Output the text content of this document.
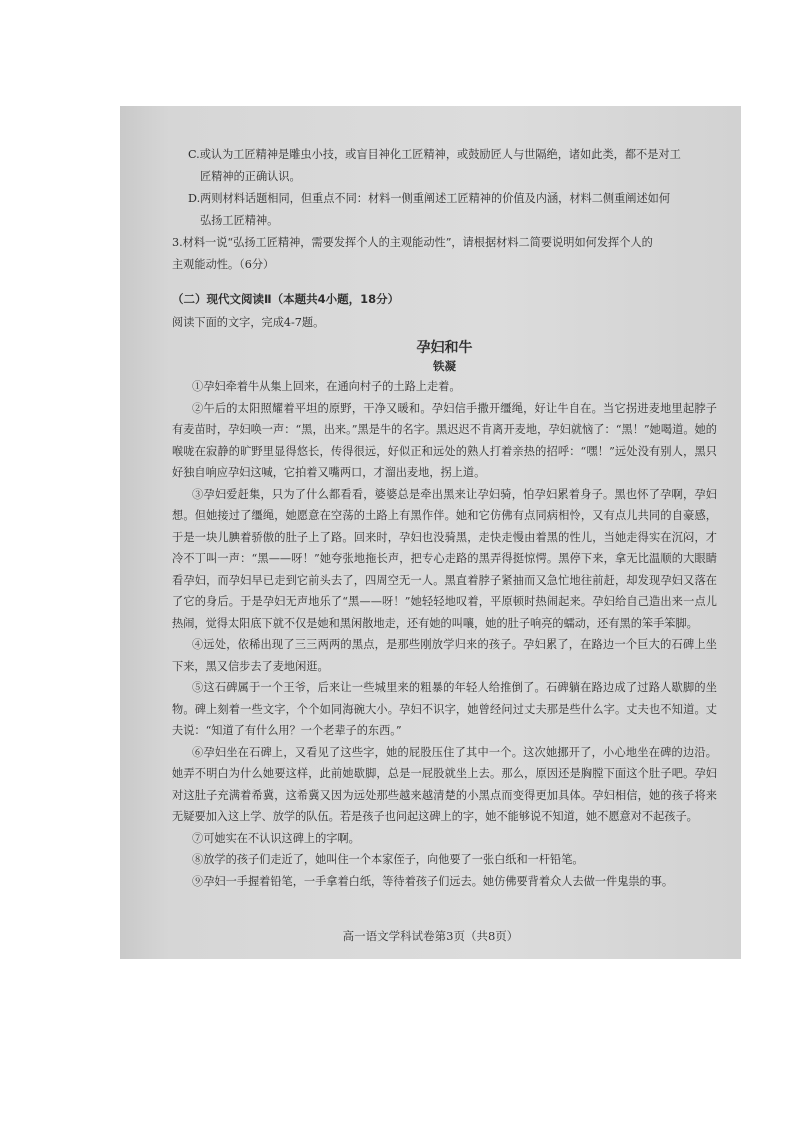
C.或认为工匠精神是雕虫小技，或盲目神化工匠精神，或鼓励匠人与世隔绝，诸如此类，都不是对工

匠精神的正确认识。

D.两则材料话题相同，但重点不同：材料一侧重阐述工匠精神的价值及内涵，材料二侧重阐述如何

弘扬工匠精神。

3.材料一说“弘扬工匠精神，需要发挥个人的主观能动性”，请根据材料二简要说明如何发挥个人的

主观能动性。（6分）

（二）现代文阅读Ⅱ（本题共4小题，18分）

阅读下面的文字，完成4-7题。

孕妇和牛

铁凝

①孕妇牵着牛从集上回来，在通向村子的土路上走着。

②午后的太阳照耀着平坦的原野，干净又暖和。孕妇信手撒开缰绳，好让牛自在。当它拐进麦地里起脖子有麦苗时，孕妇唤一声：“黑，出来。”黑是牛的名字。黑迟迟不肯离开麦地，孕妇就恼了：“黑！”她喝道。她的喉咙在寂静的旷野里显得悠长，传得很远，好似正和远处的熟人打着亲热的招呼：“嘿！”远处没有别人，黑只好独自响应孕妇这喊，它拍着又嘴两口，才溜出麦地，拐上道。

③孕妇爱赶集，只为了什么都看看，婆婆总是牵出黑来让孕妇骑，怕孕妇累着身子。黑也怀了孕啊，孕妇想。但她接过了缰绳，她愿意在空荡的土路上有黑作伴。她和它仿佛有点同病相怜，又有点儿共同的自豪感，于是一块儿腆着骄傲的肚子上了路。回来时，孕妇也没骑黑，走快走慢由着黑的性儿，当她走得实在沉闷，才冷不丁叫一声：“黑——呀！”她夸张地拖长声，把专心走路的黑弄得挺惊愕。黑停下来，拿无比温顺的大眼睛看孕妇，而孕妇早已走到它前头去了，四周空无一人。黑直着脖子紧抽而又急忙地往前赶，却发现孕妇又落在了它的身后。于是孕妇无声地乐了“黑——呀！”她轻轻地叹着，平原顿时热闹起来。孕妇给自己造出来一点儿热闹，觉得太阳底下就不仅是她和黑闲散地走，还有她的叫嚷，她的肚子响亮的蠕动，还有黑的笨手笨脚。

④远处，依稀出现了三三两两的黑点，是那些刚放学归来的孩子。孕妇累了，在路边一个巨大的石碑上坐下来，黑又信步去了麦地闲逛。

⑤这石碑属于一个王爷，后来让一些城里来的粗暴的年轻人给推倒了。石碑躺在路边成了过路人歇脚的坐物。碑上刻着一些文字，个个如同海碗大小。孕妇不识字，她曾经问过丈夫那是些什么字。丈夫也不知道。丈夫说：“知道了有什么用？一个老辈子的东西。”

⑥孕妇坐在石碑上，又看见了这些字，她的屁股压住了其中一个。这次她挪开了，小心地坐在碑的边沿。她弄不明白为什么她要这样，此前她歇脚，总是一屁股就坐上去。那么，原因还是胸膛下面这个肚子吧。孕妇对这肚子充满着希冀，这希冀又因为远处那些越来越清楚的小黑点而变得更加具体。孕妇相信，她的孩子将来无疑要加入这上学、放学的队伍。若是孩子也问起这碑上的字，她不能够说不知道，她不愿意对不起孩子。

⑦可她实在不认识这碑上的字啊。

⑧放学的孩子们走近了，她叫住一个本家侄子，向他要了一张白纸和一杆铅笔。

⑨孕妇一手握着铅笔，一手拿着白纸，等待着孩子们远去。她仿佛要背着众人去做一件鬼祟的事。

高一语文学科试卷第3页（共8页）
